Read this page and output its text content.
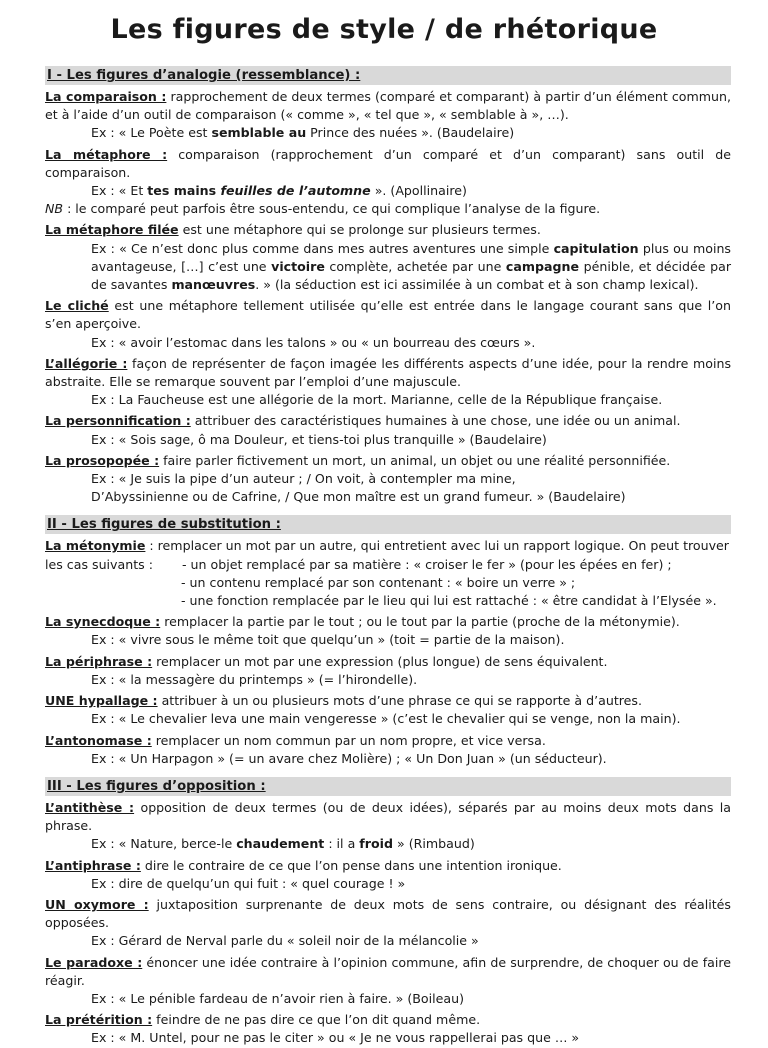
Les figures de style / de rhétorique
I - Les figures d’analogie (ressemblance) :
La comparaison : rapprochement de deux termes (comparé et comparant) à partir d’un élément commun, et à l’aide d’un outil de comparaison (« comme », « tel que », « semblable à », …).
Ex : « Le Poète est semblable au Prince des nuées ». (Baudelaire)
La métaphore : comparaison (rapprochement d’un comparé et d’un comparant) sans outil de comparaison.
Ex : « Et tes mains feuilles de l’automne ». (Apollinaire)
NB : le comparé peut parfois être sous-entendu, ce qui complique l’analyse de la figure.
La métaphore filée est une métaphore qui se prolonge sur plusieurs termes.
Ex : « Ce n’est donc plus comme dans mes autres aventures une simple capitulation plus ou moins avantageuse, […] c’est une victoire complète, achetée par une campagne pénible, et décidée par de savantes manœuvres. » (la séduction est ici assimilée à un combat et à son champ lexical).
Le cliché est une métaphore tellement utilisée qu’elle est entrée dans le langage courant sans que l’on s’en aperçoive.
Ex : « avoir l’estomac dans les talons » ou « un bourreau des cœurs ».
L’allégorie : façon de représenter de façon imagée les différents aspects d’une idée, pour la rendre moins abstraite. Elle se remarque souvent par l’emploi d’une majuscule.
Ex : La Faucheuse est une allégorie de la mort. Marianne, celle de la République française.
La personnification : attribuer des caractéristiques humaines à une chose, une idée ou un animal.
Ex : « Sois sage, ô ma Douleur, et tiens-toi plus tranquille » (Baudelaire)
La prosopopée : faire parler fictivement un mort, un animal, un objet ou une réalité personnifiée.
Ex : « Je suis la pipe d’un auteur ; / On voit, à contempler ma mine,
D’Abyssinienne ou de Cafrine, / Que mon maître est un grand fumeur. » (Baudelaire)
II - Les figures de substitution :
La métonymie : remplacer un mot par un autre, qui entretient avec lui un rapport logique. On peut trouver
les cas suivants :	- un objet remplacé par sa matière : « croiser le fer » (pour les épées en fer) ;
- un contenu remplacé par son contenant : « boire un verre » ;
- une fonction remplacée par le lieu qui lui est rattaché : « être candidat à l’Elysée ».
La synecdoque : remplacer la partie par le tout ; ou le tout par la partie (proche de la métonymie).
Ex : « vivre sous le même toit que quelqu’un » (toit = partie de la maison).
La périphrase : remplacer un mot par une expression (plus longue) de sens équivalent.
Ex : « la messagère du printemps » (= l’hirondelle).
UNE hypallage : attribuer à un ou plusieurs mots d’une phrase ce qui se rapporte à d’autres.
Ex : « Le chevalier leva une main vengeresse » (c’est le chevalier qui se venge, non la main).
L’antonomase : remplacer un nom commun par un nom propre, et vice versa.
Ex : « Un Harpagon » (= un avare chez Molière) ; « Un Don Juan » (un séducteur).
III - Les figures d’opposition :
L’antithèse : opposition de deux termes (ou de deux idées), séparés par au moins deux mots dans la phrase.
Ex : « Nature, berce-le chaudement : il a froid » (Rimbaud)
L’antiphrase : dire le contraire de ce que l’on pense dans une intention ironique.
Ex : dire de quelqu’un qui fuit : « quel courage ! »
UN oxymore : juxtaposition surprenante de deux mots de sens contraire, ou désignant des réalités opposées.
Ex : Gérard de Nerval parle du « soleil noir de la mélancolie »
Le paradoxe : énoncer une idée contraire à l’opinion commune, afin de surprendre, de choquer ou de faire réagir.
Ex : « Le pénible fardeau de n’avoir rien à faire. » (Boileau)
La prétérition : feindre de ne pas dire ce que l’on dit quand même.
Ex : « M. Untel, pour ne pas le citer » ou « Je ne vous rappellerai pas que … »
